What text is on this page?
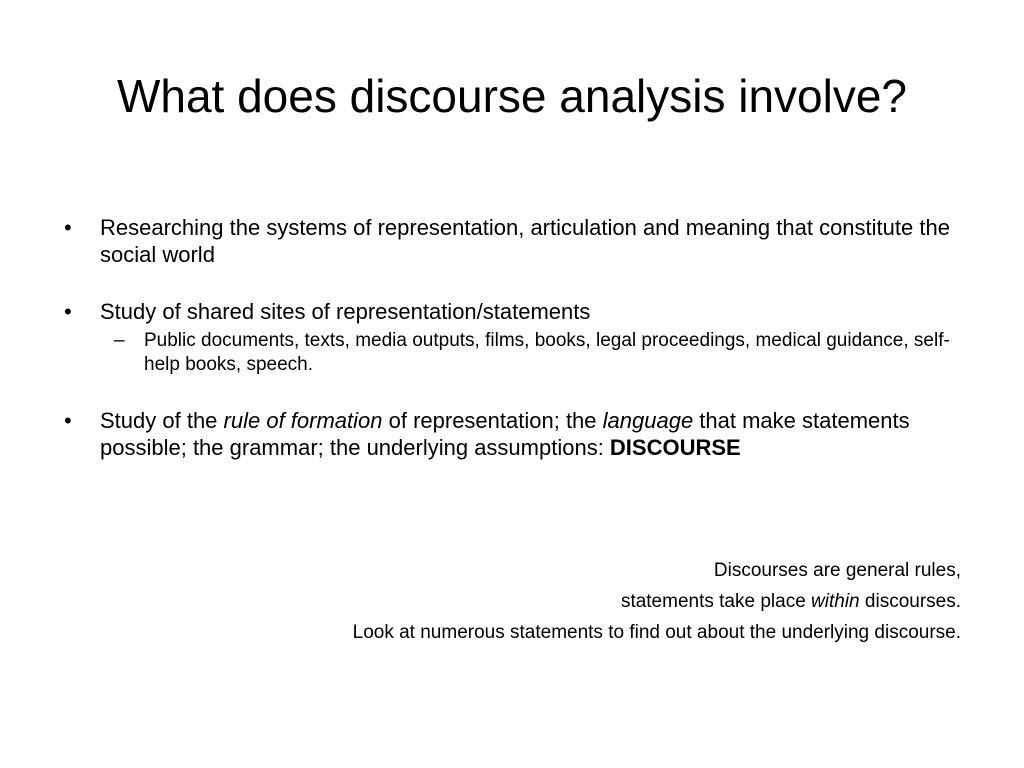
What does discourse analysis involve?
•	Researching the systems of representation, articulation and meaning that constitute the social world
•	Study of shared sites of representation/statements
– Public documents, texts, media outputs, films, books, legal proceedings, medical guidance, self-help books, speech.
•	Study of the rule of formation of representation; the language that make statements possible; the grammar; the underlying assumptions: DISCOURSE
Discourses are general rules,
statements take place within discourses.
Look at numerous statements to find out about the underlying discourse.
